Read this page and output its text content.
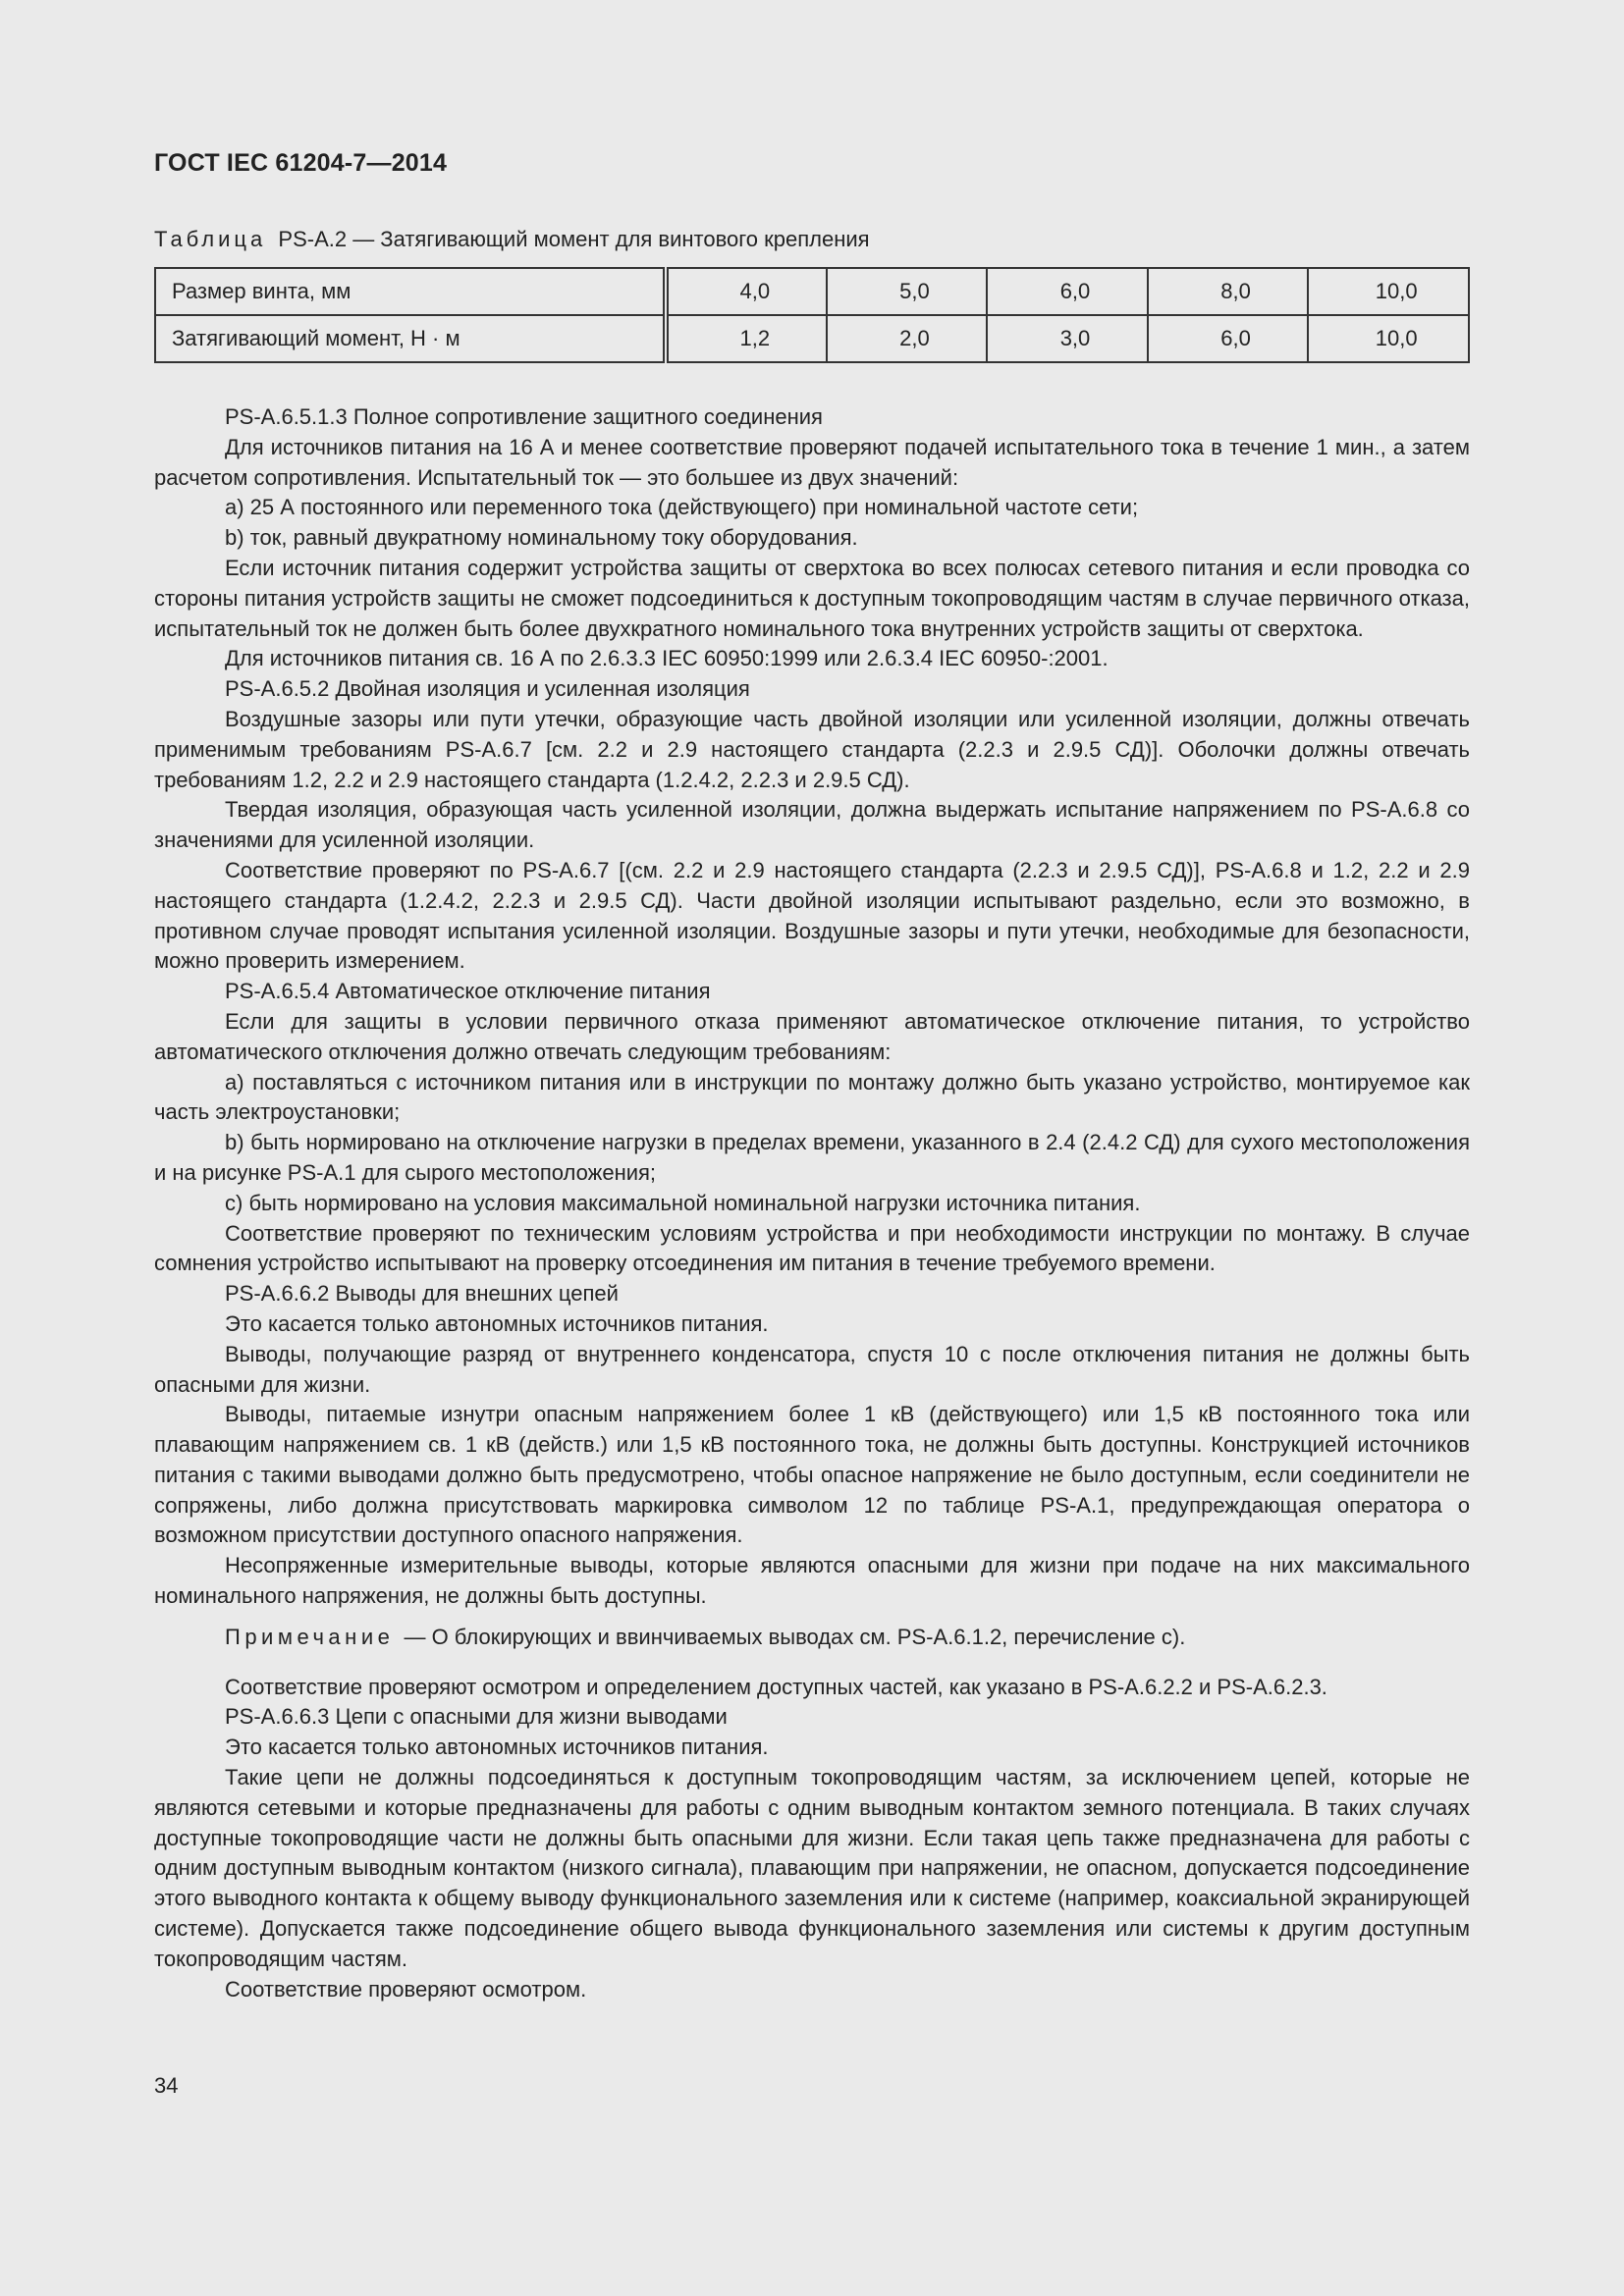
ГОСТ IEC 61204-7—2014
Таблица PS-A.2 — Затягивающий момент для винтового крепления
Размер винта, мм	4,0	5,0	6,0	8,0	10,0
Затягивающий момент, Н · м	1,2	2,0	3,0	6,0	10,0

PS-A.6.5.1.3 Полное сопротивление защитного соединения

Для источников питания на 16 А и менее соответствие проверяют подачей испытательного тока в течение 1 мин., а затем расчетом сопротивления. Испытательный ток — это большее из двух значений:

а) 25 А постоянного или переменного тока (действующего) при номинальной частоте сети;

b) ток, равный двукратному номинальному току оборудования.

Если источник питания содержит устройства защиты от сверхтока во всех полюсах сетевого питания и если проводка со стороны питания устройств защиты не сможет подсоединиться к доступным токопроводящим частям в случае первичного отказа, испытательный ток не должен быть более двухкратного номинального тока внутренних устройств защиты от сверхтока.

Для источников питания св. 16 А по 2.6.3.3 IEC 60950:1999 или 2.6.3.4 IEC 60950-:2001.

PS-A.6.5.2 Двойная изоляция и усиленная изоляция

Воздушные зазоры или пути утечки, образующие часть двойной изоляции или усиленной изоляции, должны отвечать применимым требованиям PS-A.6.7 [см. 2.2 и 2.9 настоящего стандарта (2.2.3 и 2.9.5 СД)]. Оболочки должны отвечать требованиям 1.2, 2.2 и 2.9 настоящего стандарта (1.2.4.2, 2.2.3 и 2.9.5 СД).

Твердая изоляция, образующая часть усиленной изоляции, должна выдержать испытание напряжением по PS-A.6.8 со значениями для усиленной изоляции.

Соответствие проверяют по PS-A.6.7 [(см. 2.2 и 2.9 настоящего стандарта (2.2.3 и 2.9.5 СД)], PS-A.6.8 и 1.2, 2.2 и 2.9 настоящего стандарта (1.2.4.2, 2.2.3 и 2.9.5 СД). Части двойной изоляции испытывают раздельно, если это возможно, в противном случае проводят испытания усиленной изоляции. Воздушные зазоры и пути утечки, необходимые для безопасности, можно проверить измерением.

PS-A.6.5.4 Автоматическое отключение питания

Если для защиты в условии первичного отказа применяют автоматическое отключение питания, то устройство автоматического отключения должно отвечать следующим требованиям:

а) поставляться с источником питания или в инструкции по монтажу должно быть указано устройство, монтируемое как часть электроустановки;

b) быть нормировано на отключение нагрузки в пределах времени, указанного в 2.4 (2.4.2 СД) для сухого местоположения и на рисунке PS-A.1 для сырого местоположения;

с) быть нормировано на условия максимальной номинальной нагрузки источника питания.

Соответствие проверяют по техническим условиям устройства и при необходимости инструкции по монтажу. В случае сомнения устройство испытывают на проверку отсоединения им питания в течение требуемого времени.

PS-A.6.6.2 Выводы для внешних цепей

Это касается только автономных источников питания.

Выводы, получающие разряд от внутреннего конденсатора, спустя 10 с после отключения питания не должны быть опасными для жизни.

Выводы, питаемые изнутри опасным напряжением более 1 кВ (действующего) или 1,5 кВ постоянного тока или плавающим напряжением св. 1 кВ (действ.) или 1,5 кВ постоянного тока, не должны быть доступны. Конструкцией источников питания с такими выводами должно быть предусмотрено, чтобы опасное напряжение не было доступным, если соединители не сопряжены, либо должна присутствовать маркировка символом 12 по таблице PS-A.1, предупреждающая оператора о возможном присутствии доступного опасного напряжения.

Несопряженные измерительные выводы, которые являются опасными для жизни при подаче на них максимального номинального напряжения, не должны быть доступны.

Примечание — О блокирующих и ввинчиваемых выводах см. PS-A.6.1.2, перечисление с).

Соответствие проверяют осмотром и определением доступных частей, как указано в PS-A.6.2.2 и PS-A.6.2.3.

PS-A.6.6.3 Цепи с опасными для жизни выводами

Это касается только автономных источников питания.

Такие цепи не должны подсоединяться к доступным токопроводящим частям, за исключением цепей, которые не являются сетевыми и которые предназначены для работы с одним выводным контактом земного потенциала. В таких случаях доступные токопроводящие части не должны быть опасными для жизни. Если такая цепь также предназначена для работы с одним доступным выводным контактом (низкого сигнала), плавающим при напряжении, не опасном, допускается подсоединение этого выводного контакта к общему выводу функционального заземления или к системе (например, коаксиальной экранирующей системе). Допускается также подсоединение общего вывода функционального заземления или системы к другим доступным токопроводящим частям.

Соответствие проверяют осмотром.

34
